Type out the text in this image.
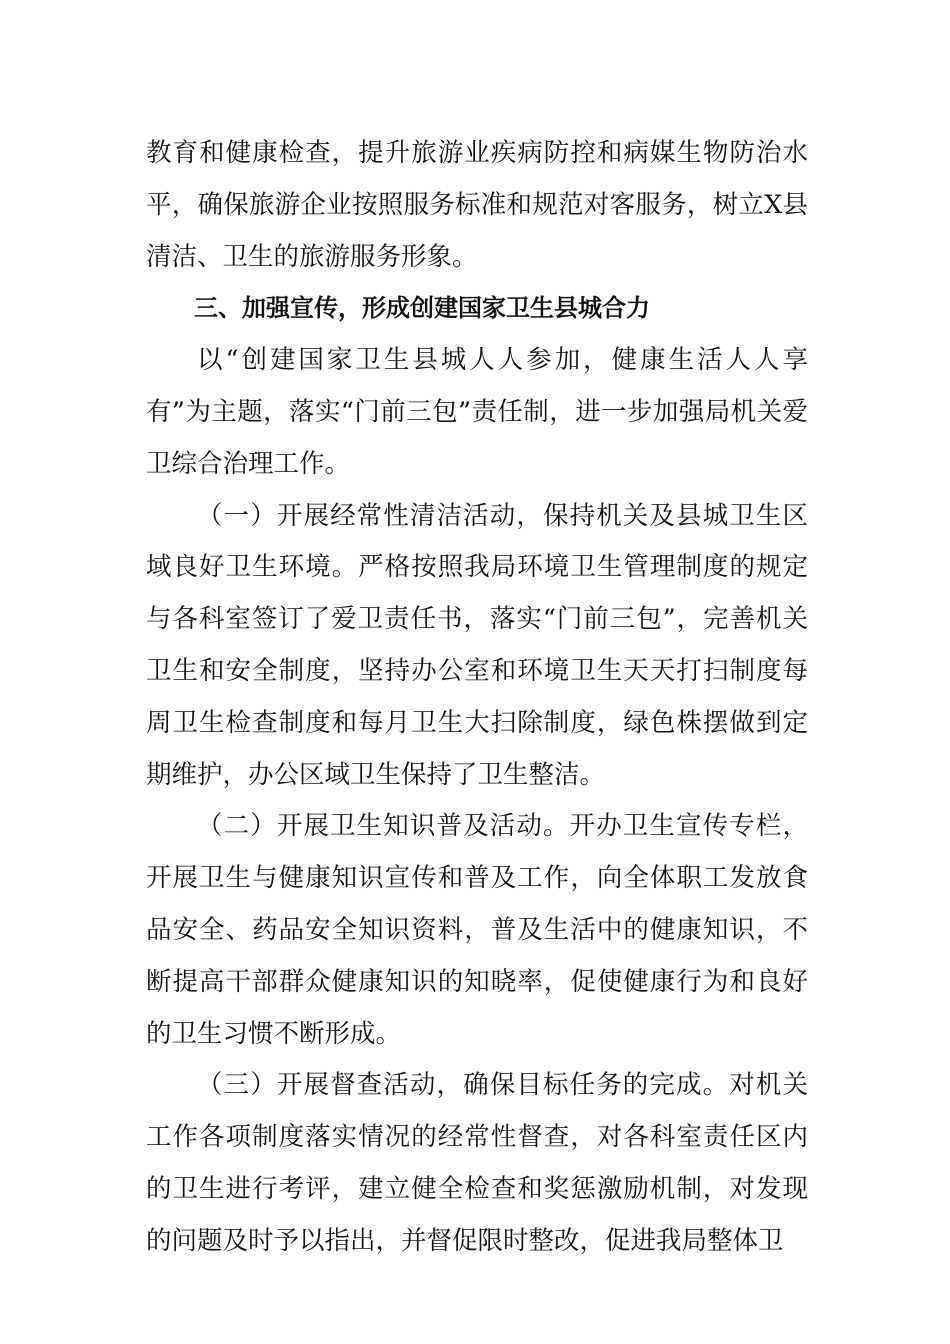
教育和健康检查，提升旅游业疾病防控和病媒生物防治水平，确保旅游企业按照服务标准和规范对客服务，树立X县清洁、卫生的旅游服务形象。

三、加强宣传，形成创建国家卫生县城合力

以“创建国家卫生县城人人参加，健康生活人人享有”为主题，落实“门前三包”责任制，进一步加强局机关爱卫综合治理工作。

（一）开展经常性清洁活动，保持机关及县城卫生区域良好卫生环境。严格按照我局环境卫生管理制度的规定与各科室签订了爱卫责任书，落实“门前三包”，完善机关卫生和安全制度，坚持办公室和环境卫生天天打扫制度每周卫生检查制度和每月卫生大扫除制度，绿色株摆做到定期维护，办公区域卫生保持了卫生整洁。

（二）开展卫生知识普及活动。开办卫生宣传专栏，开展卫生与健康知识宣传和普及工作，向全体职工发放食品安全、药品安全知识资料，普及生活中的健康知识，不断提高干部群众健康知识的知晓率，促使健康行为和良好的卫生习惯不断形成。

（三）开展督查活动，确保目标任务的完成。对机关工作各项制度落实情况的经常性督查，对各科室责任区内的卫生进行考评，建立健全检查和奖惩激励机制，对发现的问题及时予以指出，并督促限时整改，促进我局整体卫
